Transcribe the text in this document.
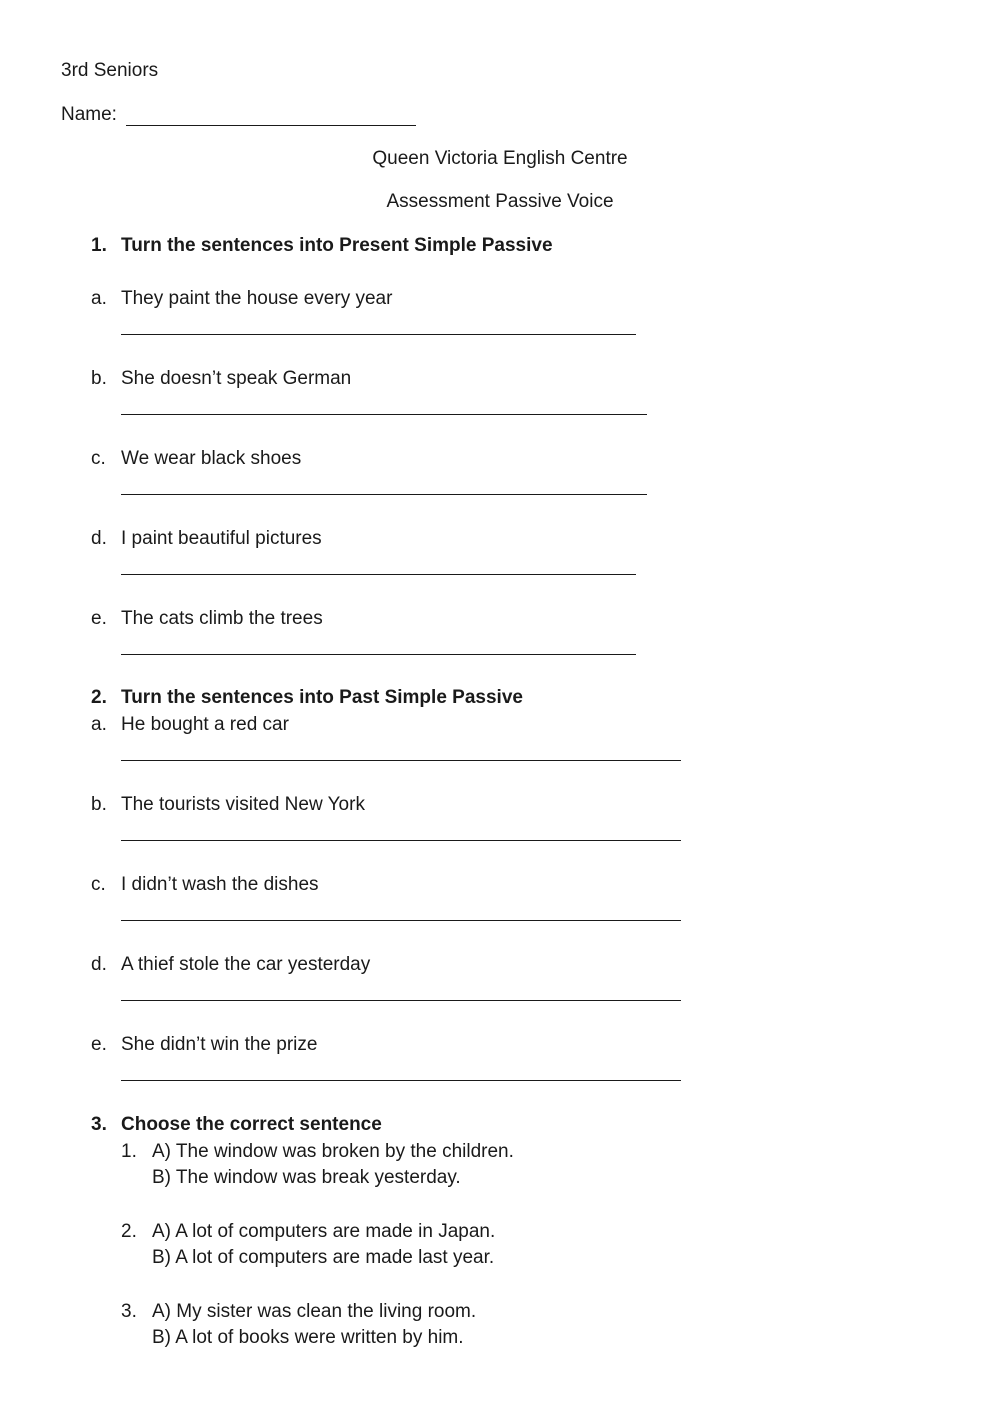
3rd Seniors
Name:
Queen Victoria English Centre
Assessment Passive Voice
1. Turn the sentences into Present Simple Passive
a. They paint the house every year
b. She doesn’t speak German
c. We wear black shoes
d. I paint beautiful pictures
e. The cats climb the trees
2. Turn the sentences into Past Simple Passive
a. He bought a red car
b. The tourists visited New York
c. I didn’t wash the dishes
d. A thief stole the car yesterday
e. She didn’t win the prize
3. Choose the correct sentence
1. A) The window was broken by the children.
B) The window was break yesterday.
2. A) A lot of computers are made in Japan.
B) A lot of computers are made last year.
3. A) My sister was clean the living room.
B) A lot of books were written by him.
